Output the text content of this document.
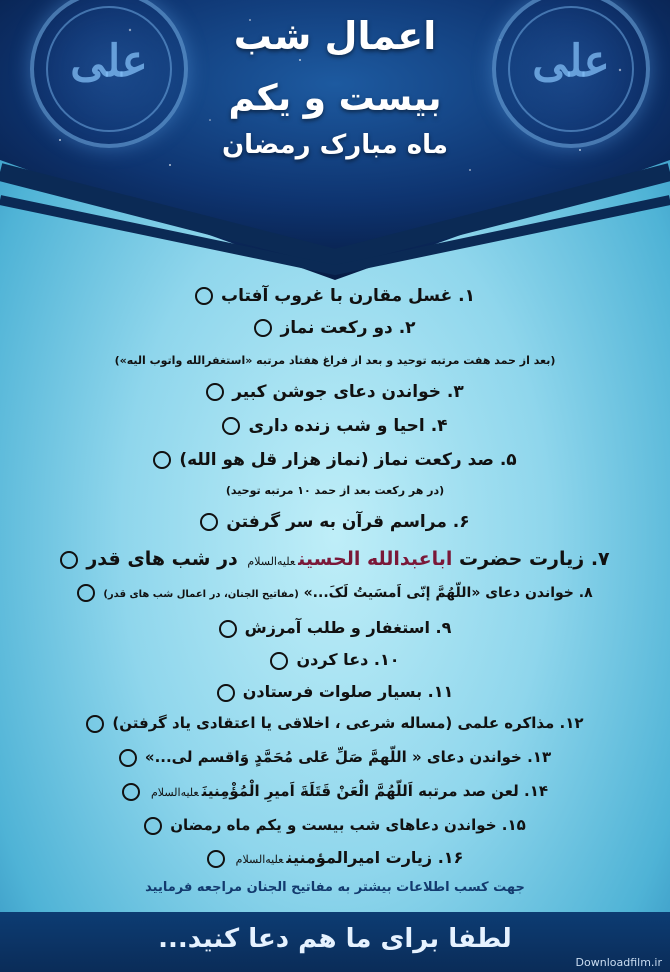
علی	علی
اعمال شب
بیست و یکم
ماه مبارک رمضان
۱. غسل مقارن با غروب آفتاب
۲. دو رکعت نماز
(بعد از حمد هفت مرتبه توحید و بعد از فراغ هفتاد مرتبه «استغفرالله واتوب الیه»)
۳. خواندن دعای جوشن کبیر
۴. احیا و شب زنده داری
۵. صد رکعت نماز (نماز هزار قل هو الله)
(در هر رکعت بعد از حمد ۱۰ مرتبه توحید)
۶. مراسم قرآن به سر گرفتن
۷. زیارت حضرت اباعبدالله الحسینعلیه‌السلام در شب های قدر
۸. خواندن دعای «اللّهُمَّ إنّی اَمسَیتُ لَکَ...» (مفاتیح الجنان، در اعمال شب های قدر)
۹. استغفار و طلب آمرزش
۱۰. دعا کردن
۱۱. بسیار صلوات فرستادن
۱۲. مذاکره علمی (مساله شرعی ، اخلاقی یا اعتقادی یاد گرفتن)
۱۳. خواندن دعای « اللّهمَّ صَلِّ عَلی مُحَمَّدٍ وَاقسم لی...»
۱۴. لعن صد مرتبه اَللّهُمَّ الْعَنْ قَتَلَةَ اَمیرِ الْمُؤْمِنینَعلیه‌السلام
۱۵. خواندن دعاهای شب بیست و یکم ماه رمضان
۱۶. زیارت امیرالمؤمنینعلیه‌السلام
جهت کسب اطلاعات بیشتر به مفاتیح الجنان مراجعه فرمایید
لطفا برای ما هم دعا کنید...
Downloadfilm.ir
